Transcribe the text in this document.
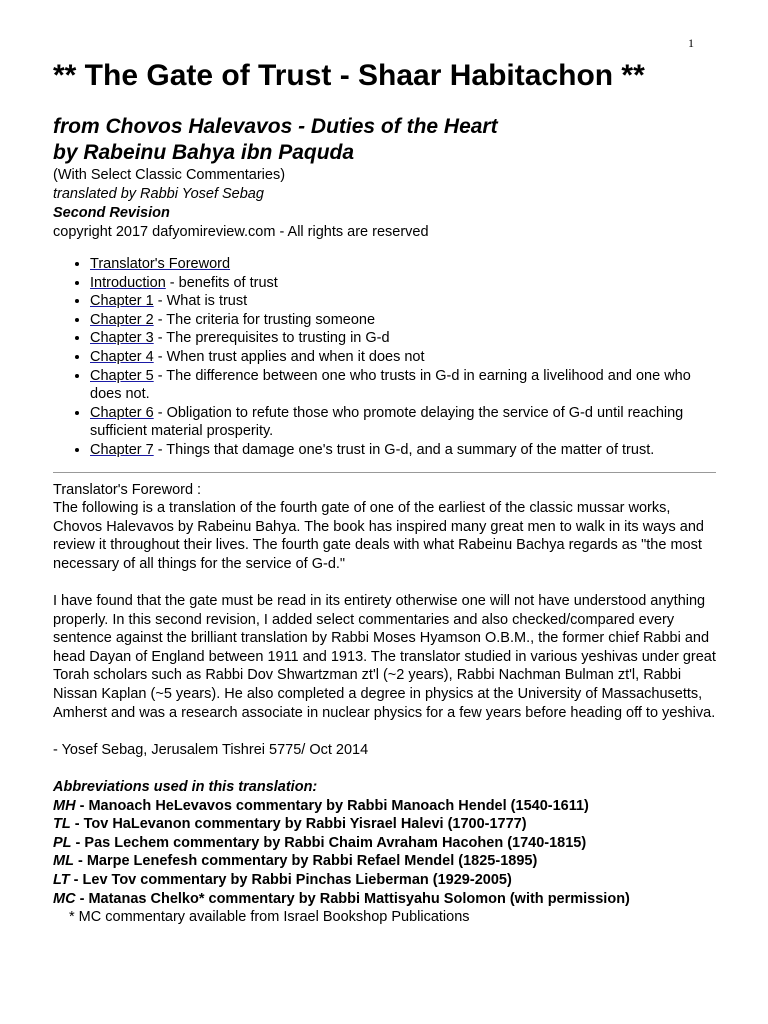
1
** The Gate of Trust - Shaar Habitachon **
from Chovos Halevavos - Duties of the Heart
by Rabeinu Bahya ibn Paquda
(With Select Classic Commentaries)
translated by Rabbi Yosef Sebag
Second Revision
copyright 2017 dafyomireview.com - All rights are reserved
• Translator's Foreword
• Introduction - benefits of trust
• Chapter 1 - What is trust
• Chapter 2 - The criteria for trusting someone
• Chapter 3 - The prerequisites to trusting in G-d
• Chapter 4 - When trust applies and when it does not
• Chapter 5 - The difference between one who trusts in G-d in earning a livelihood and one who does not.
• Chapter 6 - Obligation to refute those who promote delaying the service of G-d until reaching sufficient material prosperity.
• Chapter 7 - Things that damage one's trust in G-d, and a summary of the matter of trust.

Translator's Foreword :

The following is a translation of the fourth gate of one of the earliest of the classic mussar works, Chovos Halevavos by Rabeinu Bahya. The book has inspired many great men to walk in its ways and review it throughout their lives. The fourth gate deals with what Rabeinu Bachya regards as "the most necessary of all things for the service of G-d."

I have found that the gate must be read in its entirety otherwise one will not have understood anything properly. In this second revision, I added select commentaries and also checked/compared every sentence against the brilliant translation by Rabbi Moses Hyamson O.B.M., the former chief Rabbi and head Dayan of England between 1911 and 1913. The translator studied in various yeshivas under great Torah scholars such as Rabbi Dov Shwartzman zt'l (~2 years), Rabbi Nachman Bulman zt'l, Rabbi Nissan Kaplan (~5 years). He also completed a degree in physics at the University of Massachusetts, Amherst and was a research associate in nuclear physics for a few years before heading off to yeshiva.

- Yosef Sebag, Jerusalem Tishrei 5775/ Oct 2014

Abbreviations used in this translation:

MH - Manoach HeLevavos commentary by Rabbi Manoach Hendel (1540-1611)
TL - Tov HaLevanon commentary by Rabbi Yisrael Halevi (1700-1777)
PL - Pas Lechem commentary by Rabbi Chaim Avraham Hacohen (1740-1815)
ML - Marpe Lenefesh commentary by Rabbi Refael Mendel (1825-1895)
LT - Lev Tov commentary by Rabbi Pinchas Lieberman (1929-2005)
MC - Matanas Chelko* commentary by Rabbi Mattisyahu Solomon (with permission)
* MC commentary available from Israel Bookshop Publications
